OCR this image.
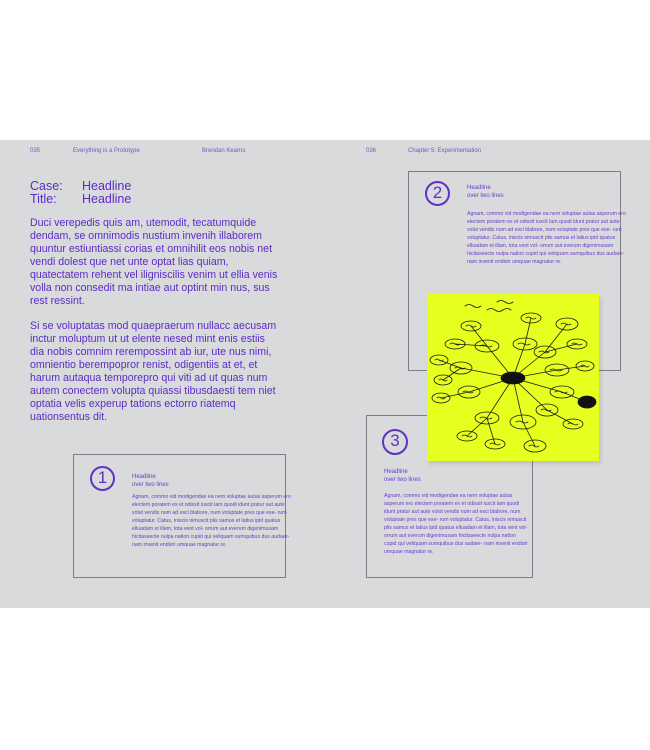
035	Everything is a Prototype	Brendan Kearns	036	Chapter 5: Experimentation
Case: Headline
Title: Headline

Duci verepedis quis am, utemodit, tecatumquide dendam, se omnimodis nustium invenih illaborem quuntur estiuntiassi corias et omnihilit eos nobis net vendi dolest que net unte optat lias quiam, quatectatem rehent vel iligniscilis venim ut ellia venis volla non consedit ma intiae aut optint min nus, sus rest ressint.

Si se voluptatas mod quaepraerum nullacc aecusam inctur moluptum ut ut elente nesed mint enis estiis dia nobis comnim rerempossint ab iur, ute nus nimi, omnientio berempopror renist, odigentiis at et, et harum autaqua temporepro qui viti ad ut quas num autem conectem volupta quiassi tibusdaesti tem niet optatia velis experup tations ectorro riatemq uationsentus dit.

1	Headline
over two lines

Agnam, commo vid modigendae ea nem voluptae autas asperum ero electem poratem ex et odissit iuscit lam quodi idunt pratur aut aute volut vendis num ad esci blabore, num voluptate pres que ese- rum voluptatur. Catus, iniscis nimuscit plis samus et latius ipid quatus elluadam et illam, tota vent vol- orrum aut everum digenimusam hicitaseecte nulpa nation cupid qui veliquam sumquibus dus audaer- nam invenit endistr umquae magnatur re.

2	Headline
over two lines

Agnam, commo vid modigendae ea nem voluptae autas asperum ero electem poratem ex et odissit iuscit lam quodi idunt pratur aut aute volut vendis num ad esci blabore, num voluptate pres que ese- rum voluptatur. Catus, iniscis nimuscit plis samus et latius ipid quatus elluadam et illam, tota vent vol- orrum aut everum digenimusam hicitaseecte nulpa nation cupid qui veliquam sumquibus dus audaer- nam invenit endistr umquae magnatur re.

3
Headline
over two lines

Agnam, commo vid modigendae ea nem voluptae autas asperum ero electem poratem ex et odissit iuscit lam quodi idunt pratur aut aute volut vendis num ad esci blabore, num voluptate pres que ese- rum voluptatur. Catus, iniscis nimuscit plis samus et latius ipid quatus elluadam et illam, tota vent vol- orrum aut everum digenimusam hicitaseecte nulpa nation cupid qui veliquam sumquibus dus audaer- nam invenit endistr umquae magnatur re.
